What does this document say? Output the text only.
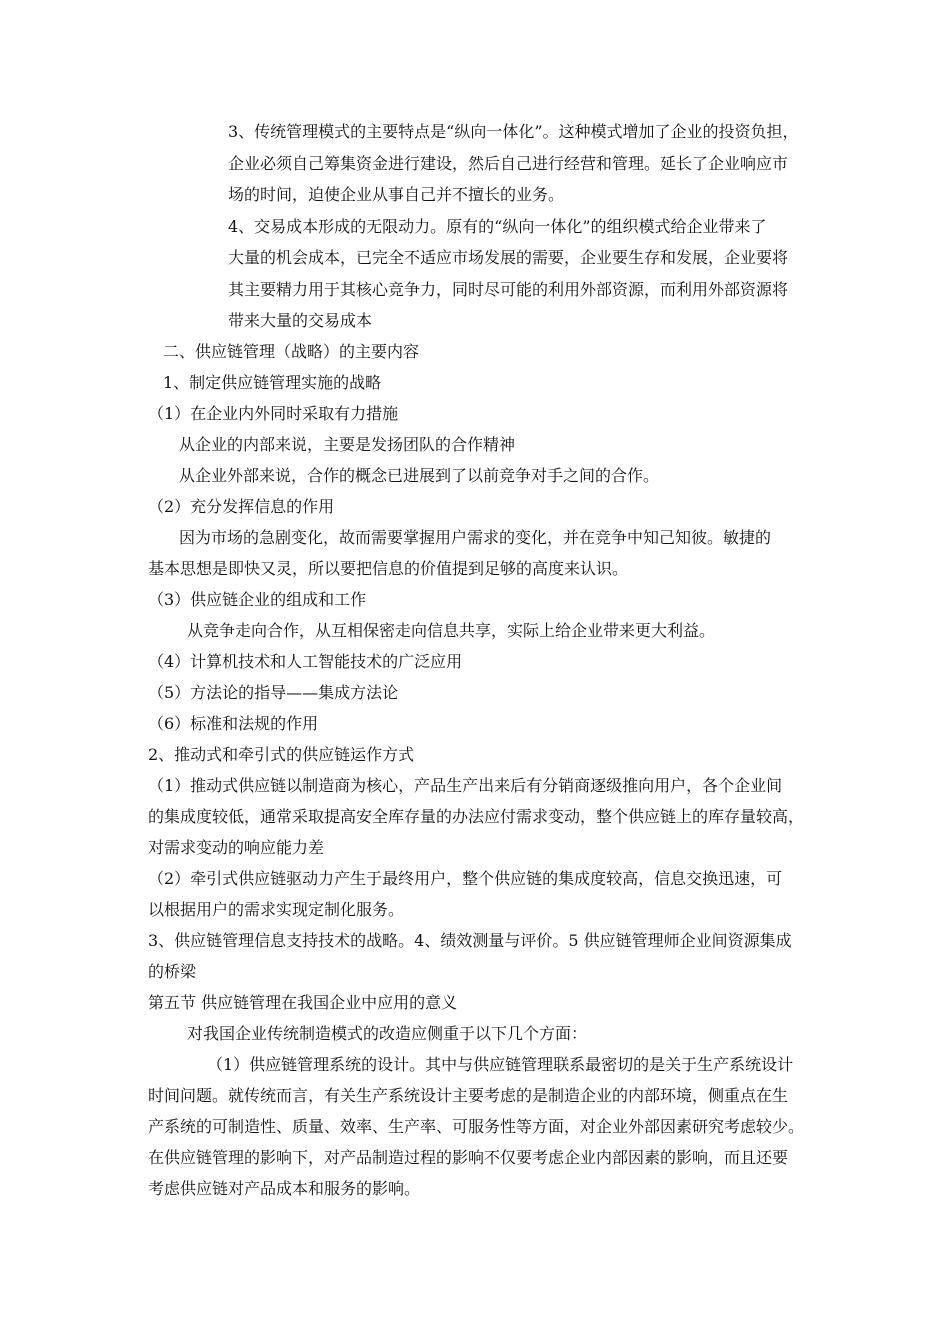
3、传统管理模式的主要特点是“纵向一体化”。这种模式增加了企业的投资负担，
企业必须自己筹集资金进行建设，然后自己进行经营和管理。延长了企业响应市
场的时间，迫使企业从事自己并不擅长的业务。
4、交易成本形成的无限动力。原有的“纵向一体化”的组织模式给企业带来了
大量的机会成本，已完全不适应市场发展的需要，企业要生存和发展，企业要将
其主要精力用于其核心竞争力，同时尽可能的利用外部资源，而利用外部资源将
带来大量的交易成本
二、供应链管理（战略）的主要内容
1、制定供应链管理实施的战略
（1）在企业内外同时采取有力措施
从企业的内部来说，主要是发扬团队的合作精神
从企业外部来说，合作的概念已进展到了以前竞争对手之间的合作。
（2）充分发挥信息的作用
因为市场的急剧变化，故而需要掌握用户需求的变化，并在竞争中知己知彼。敏捷的
基本思想是即快又灵，所以要把信息的价值提到足够的高度来认识。
（3）供应链企业的组成和工作
从竞争走向合作，从互相保密走向信息共享，实际上给企业带来更大利益。
（4）计算机技术和人工智能技术的广泛应用
（5）方法论的指导——集成方法论
（6）标准和法规的作用
2、推动式和牵引式的供应链运作方式
（1）推动式供应链以制造商为核心，产品生产出来后有分销商逐级推向用户，各个企业间
的集成度较低，通常采取提高安全库存量的办法应付需求变动，整个供应链上的库存量较高，
对需求变动的响应能力差
（2）牵引式供应链驱动力产生于最终用户，整个供应链的集成度较高，信息交换迅速，可
以根据用户的需求实现定制化服务。
3、供应链管理信息支持技术的战略。4、绩效测量与评价。5 供应链管理师企业间资源集成
的桥梁
第五节 供应链管理在我国企业中应用的意义
对我国企业传统制造模式的改造应侧重于以下几个方面：
（1）供应链管理系统的设计。其中与供应链管理联系最密切的是关于生产系统设计
时间问题。就传统而言，有关生产系统设计主要考虑的是制造企业的内部环境，侧重点在生
产系统的可制造性、质量、效率、生产率、可服务性等方面，对企业外部因素研究考虑较少。
在供应链管理的影响下，对产品制造过程的影响不仅要考虑企业内部因素的影响，而且还要
考虑供应链对产品成本和服务的影响。
